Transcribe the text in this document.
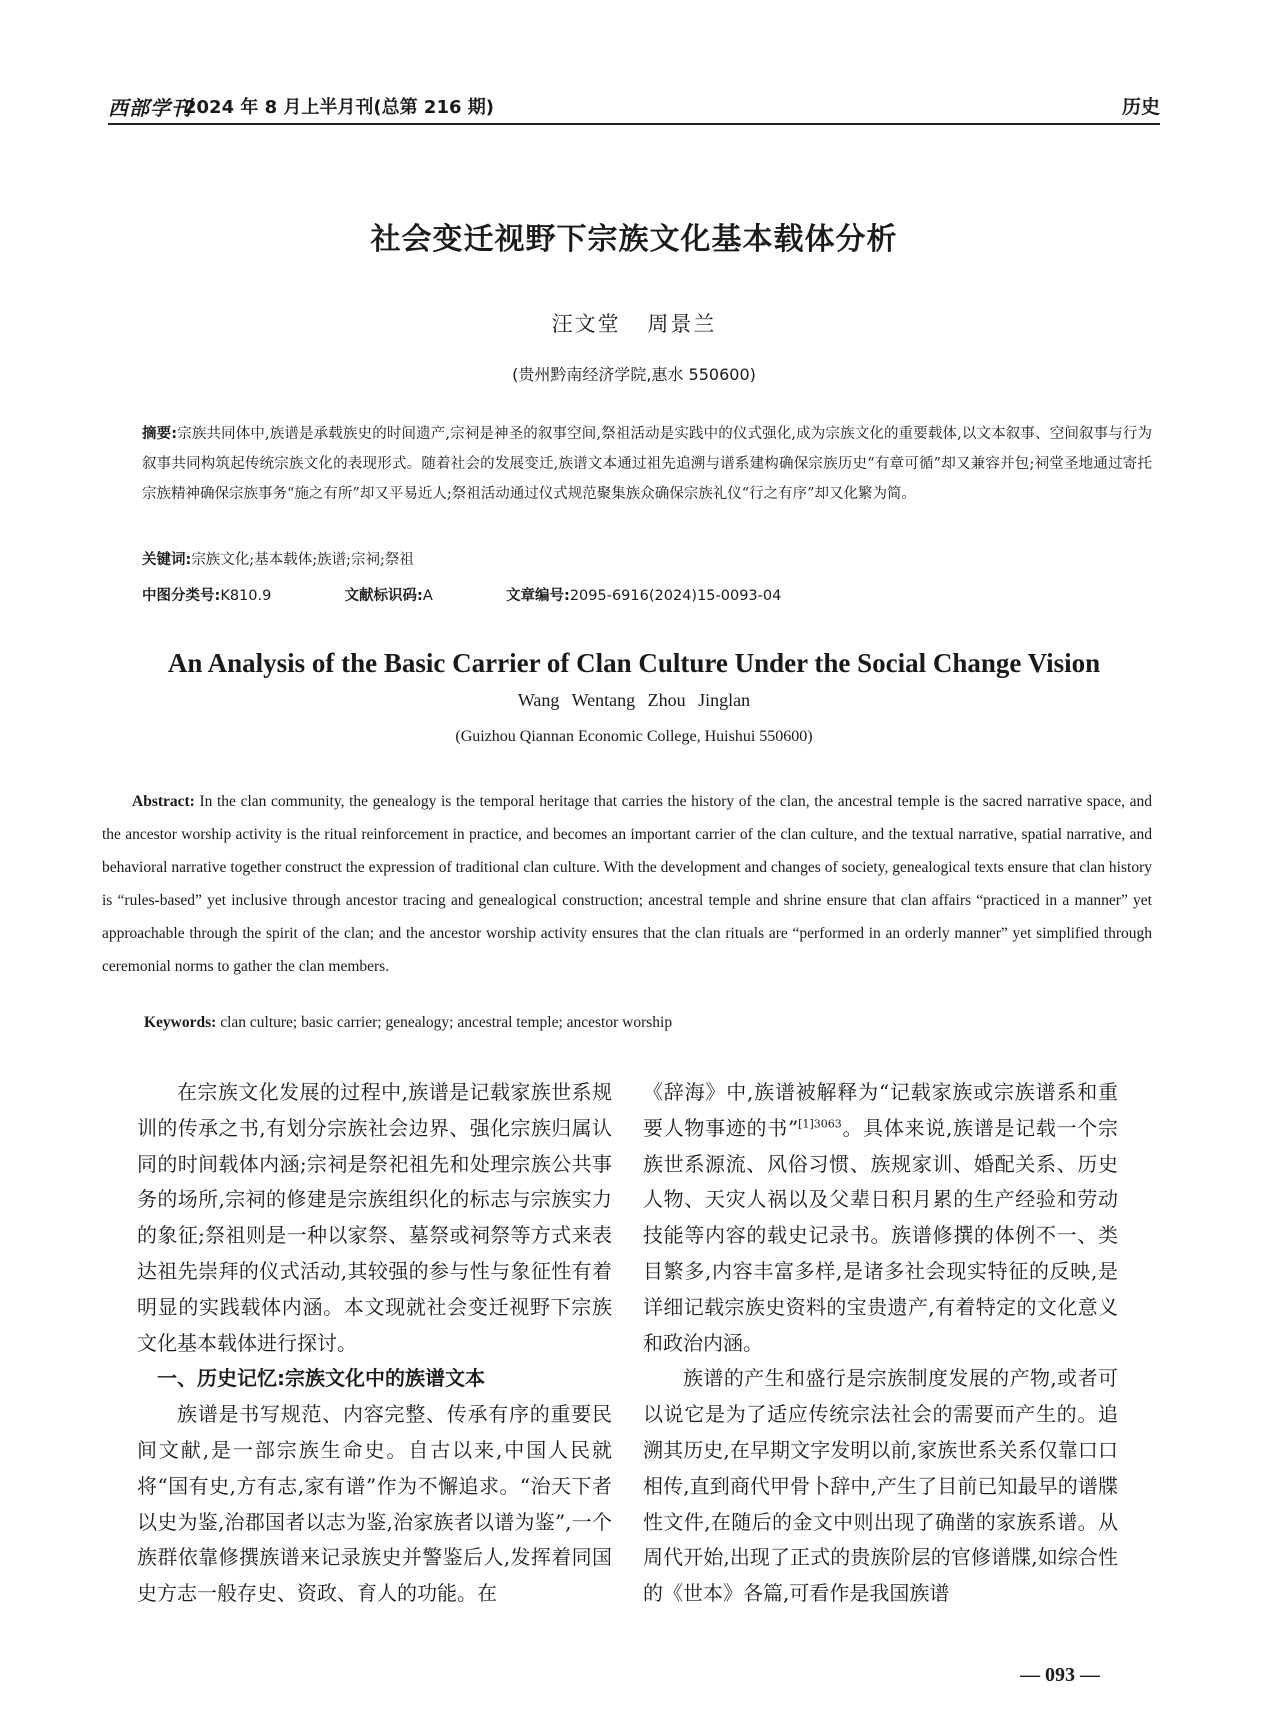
西部学刊
2024 年 8 月上半月刊(总第 216 期)	历史
社会变迁视野下宗族文化基本载体分析
汪文堂 周景兰
(贵州黔南经济学院,惠水 550600)
摘要:宗族共同体中,族谱是承载族史的时间遗产,宗祠是神圣的叙事空间,祭祖活动是实践中的仪式强化,成为宗族文化的重要载体,以文本叙事、空间叙事与行为叙事共同构筑起传统宗族文化的表现形式。随着社会的发展变迁,族谱文本通过祖先追溯与谱系建构确保宗族历史“有章可循”却又兼容并包;祠堂圣地通过寄托宗族精神确保宗族事务“施之有所”却又平易近人;祭祖活动通过仪式规范聚集族众确保宗族礼仪“行之有序”却又化繁为简。
关键词:宗族文化;基本载体;族谱;宗祠;祭祖
中图分类号:K810.9	文献标识码:A	文章编号:2095-6916(2024)15-0093-04
An Analysis of the Basic Carrier of Clan Culture Under the Social Change Vision
Wang Wentang Zhou Jinglan
(Guizhou Qiannan Economic College, Huishui 550600)
Abstract: In the clan community, the genealogy is the temporal heritage that carries the history of the clan, the ancestral temple is the sacred narrative space, and the ancestor worship activity is the ritual reinforcement in practice, and becomes an important carrier of the clan culture, and the textual narrative, spatial narrative, and behavioral narrative together construct the expression of traditional clan culture. With the development and changes of society, genealogical texts ensure that clan history is “rules-based” yet inclusive through ancestor tracing and genealogical construction; ancestral temple and shrine ensure that clan affairs “practiced in a manner” yet approachable through the spirit of the clan; and the ancestor worship activity ensures that the clan rituals are “performed in an orderly manner” yet simplified through ceremonial norms to gather the clan members.
Keywords: clan culture; basic carrier; genealogy; ancestral temple; ancestor worship

在宗族文化发展的过程中,族谱是记载家族世系规训的传承之书,有划分宗族社会边界、强化宗族归属认同的时间载体内涵;宗祠是祭祀祖先和处理宗族公共事务的场所,宗祠的修建是宗族组织化的标志与宗族实力的象征;祭祖则是一种以家祭、墓祭或祠祭等方式来表达祖先崇拜的仪式活动,其较强的参与性与象征性有着明显的实践载体内涵。本文现就社会变迁视野下宗族文化基本载体进行探讨。

一、历史记忆:宗族文化中的族谱文本

族谱是书写规范、内容完整、传承有序的重要民间文献,是一部宗族生命史。自古以来,中国人民就将“国有史,方有志,家有谱”作为不懈追求。“治天下者以史为鉴,治郡国者以志为鉴,治家族者以谱为鉴”,一个族群依靠修撰族谱来记录族史并警鉴后人,发挥着同国史方志一般存史、资政、育人的功能。在

《辞海》中,族谱被解释为“记载家族或宗族谱系和重要人物事迹的书”$^{[1]3063}$。具体来说,族谱是记载一个宗族世系源流、风俗习惯、族规家训、婚配关系、历史人物、天灾人祸以及父辈日积月累的生产经验和劳动技能等内容的载史记录书。族谱修撰的体例不一、类目繁多,内容丰富多样,是诸多社会现实特征的反映,是详细记载宗族史资料的宝贵遗产,有着特定的文化意义和政治内涵。

族谱的产生和盛行是宗族制度发展的产物,或者可以说它是为了适应传统宗法社会的需要而产生的。追溯其历史,在早期文字发明以前,家族世系关系仅靠口口相传,直到商代甲骨卜辞中,产生了目前已知最早的谱牒性文件,在随后的金文中则出现了确凿的家族系谱。从周代开始,出现了正式的贵族阶层的官修谱牒,如综合性的《世本》各篇,可看作是我国族谱

— 093 —
